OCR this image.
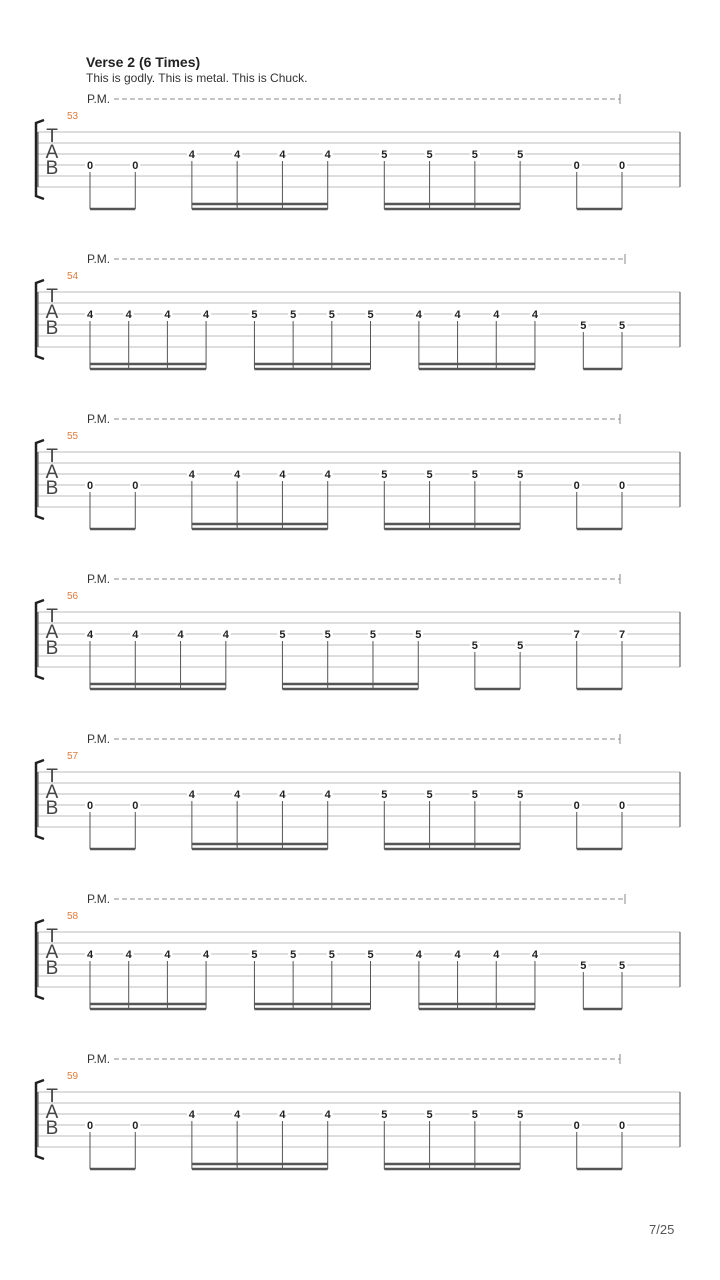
Verse 2 (6 Times)
This is godly. This is metal. This is Chuck.
P.M.
53
T
A
B	0	0
4	4	4	4	5	5	5	5
0	0
P.M.
54
T
A
B
4	4	4	4	5	5	5	5	4	4	4	4
5	5
P.M.
55
T
A
B	0	0
4	4	4	4	5	5	5	5
0	0
P.M.
56
T
A
B
4	4	4	4	5	5	5	5
5	5
7	7
P.M.
57
T
A
B	0	0
4	4	4	4	5	5	5	5
0	0
P.M.
58
T
A
B
4	4	4	4	5	5	5	5	4	4	4	4
5	5
P.M.
59
T
A
B	0	0
4	4	4	4	5	5	5	5
0	0
7/25
